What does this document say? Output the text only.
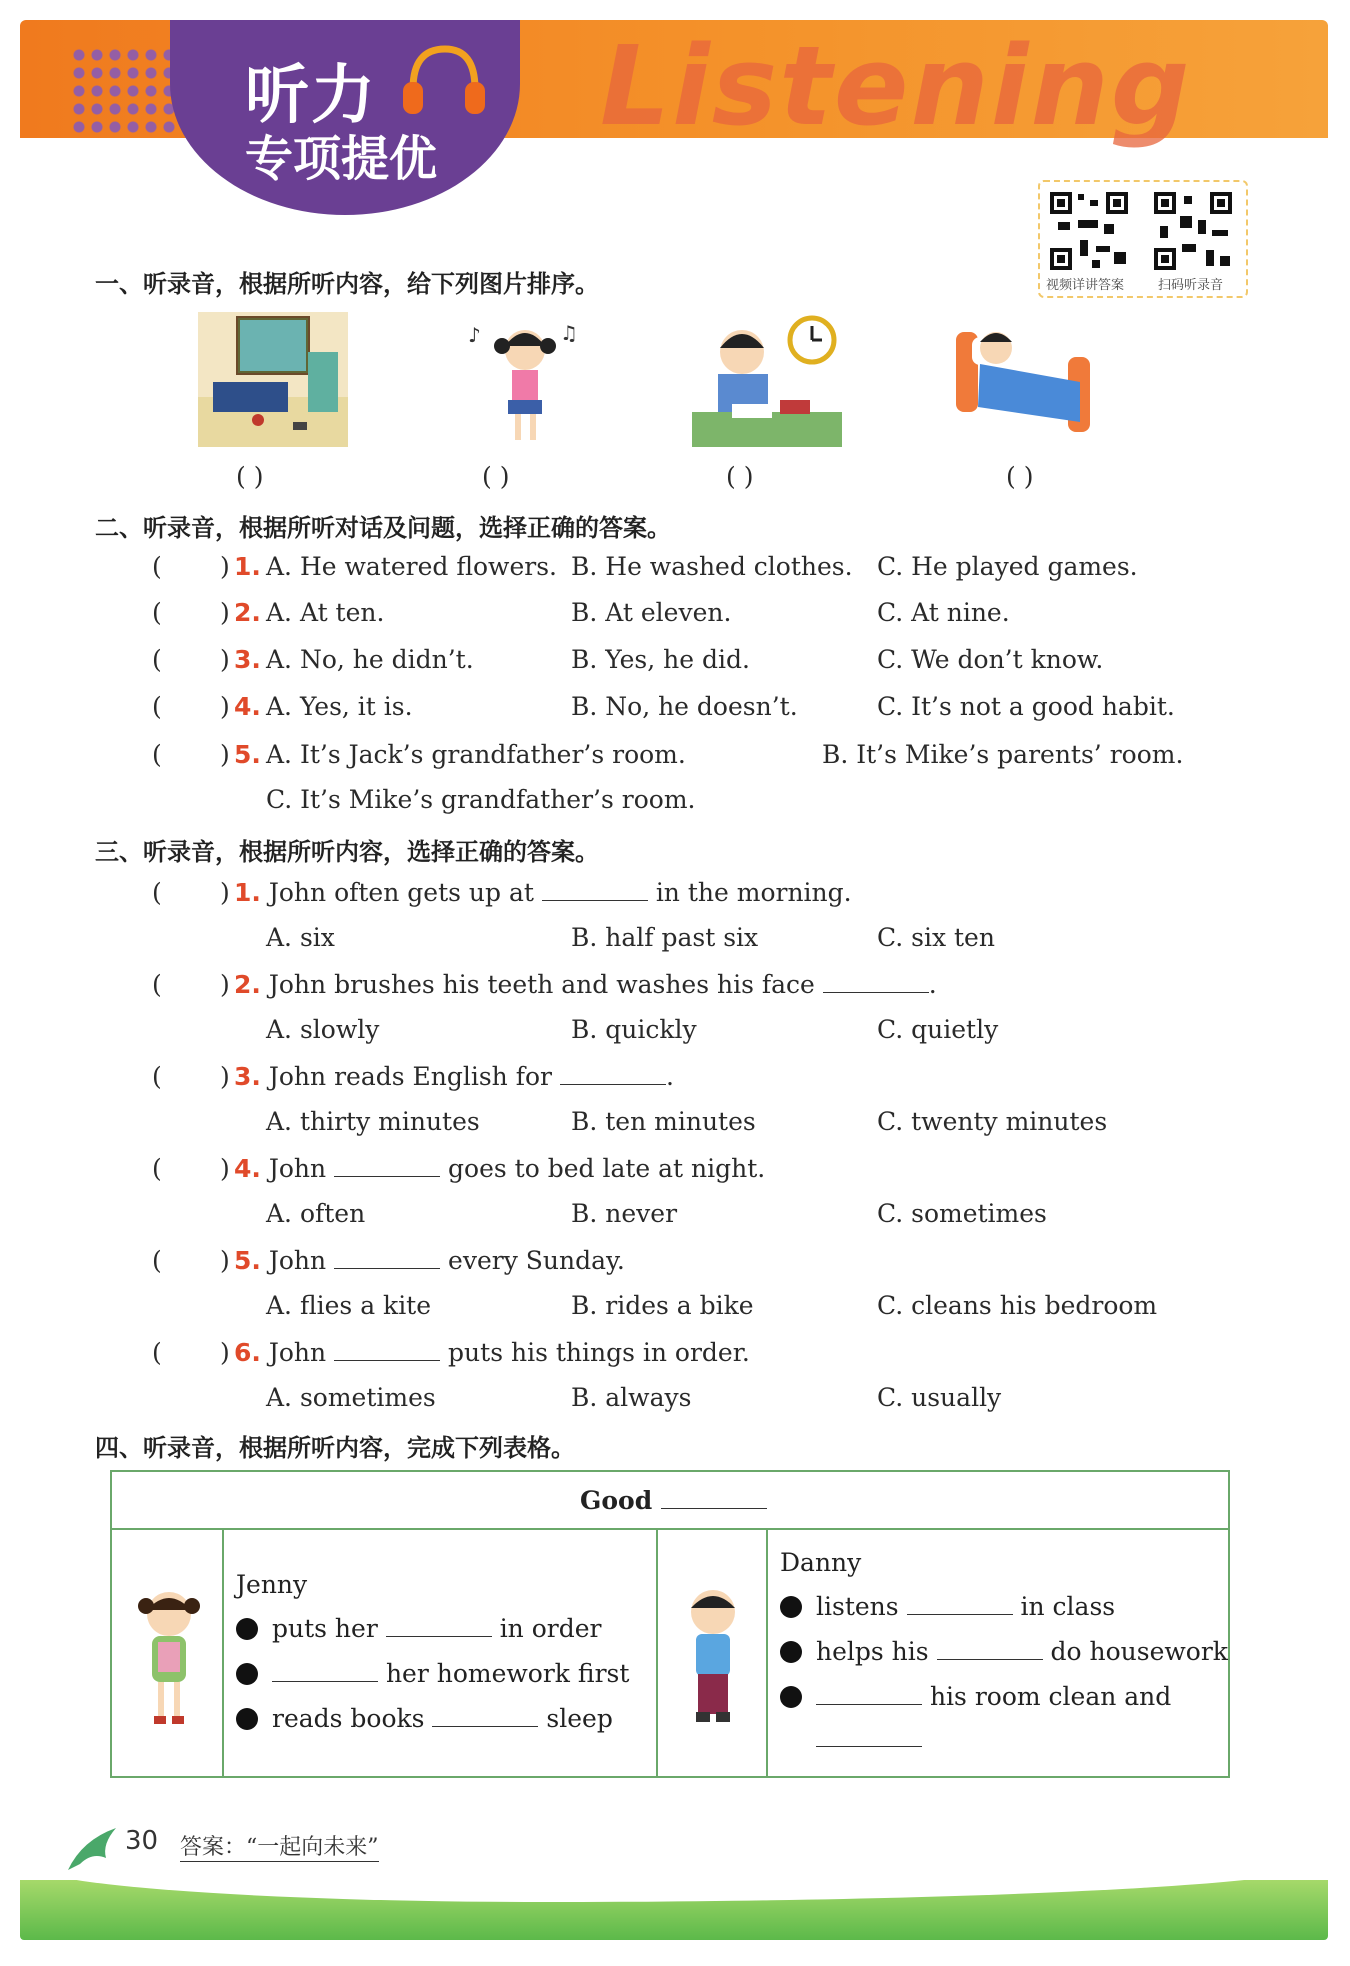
听力
专项提优
Listening
视频详讲答案	扫码听录音
一、听录音，根据所听内容，给下列图片排序。
♪	♫
( )	( )	( )	( )
二、听录音，根据所听对话及问题，选择正确的答案。
( ) 1. A. He watered flowers. B. He washed clothes. C. He played games.
( ) 2. A. At ten.	B. At eleven.	C. At nine.
( ) 3. A. No, he didn’t.	B. Yes, he did.	C. We don’t know.
( ) 4. A. Yes, it is.	B. No, he doesn’t.	C. It’s not a good habit.
( ) 5. A. It’s Jack’s grandfather’s room.	B. It’s Mike’s parents’ room.
C. It’s Mike’s grandfather’s room.
三、听录音，根据所听内容，选择正确的答案。
( ) 1. John often gets up at	in the morning.
A. six	B. half past six	C. six ten
( ) 2. John brushes his teeth and washes his face	.
A. slowly	B. quickly	C. quietly
( ) 3. John reads English for	.
A. thirty minutes	B. ten minutes	C. twenty minutes
( ) 4. John	goes to bed late at night.
A. often	B. never	C. sometimes
( ) 5. John	every Sunday.
A. flies a kite	B. rides a bike	C. cleans his bedroom
( ) 6. John	puts his things in order.
A. sometimes	B. always	C. usually
四、听录音，根据所听内容，完成下列表格。
Good
Jenny
puts her	in order
her homework first
reads books	sleep
Danny
listens	in class
helps his	do housework
his room clean and
30 答案：“一起向未来”
